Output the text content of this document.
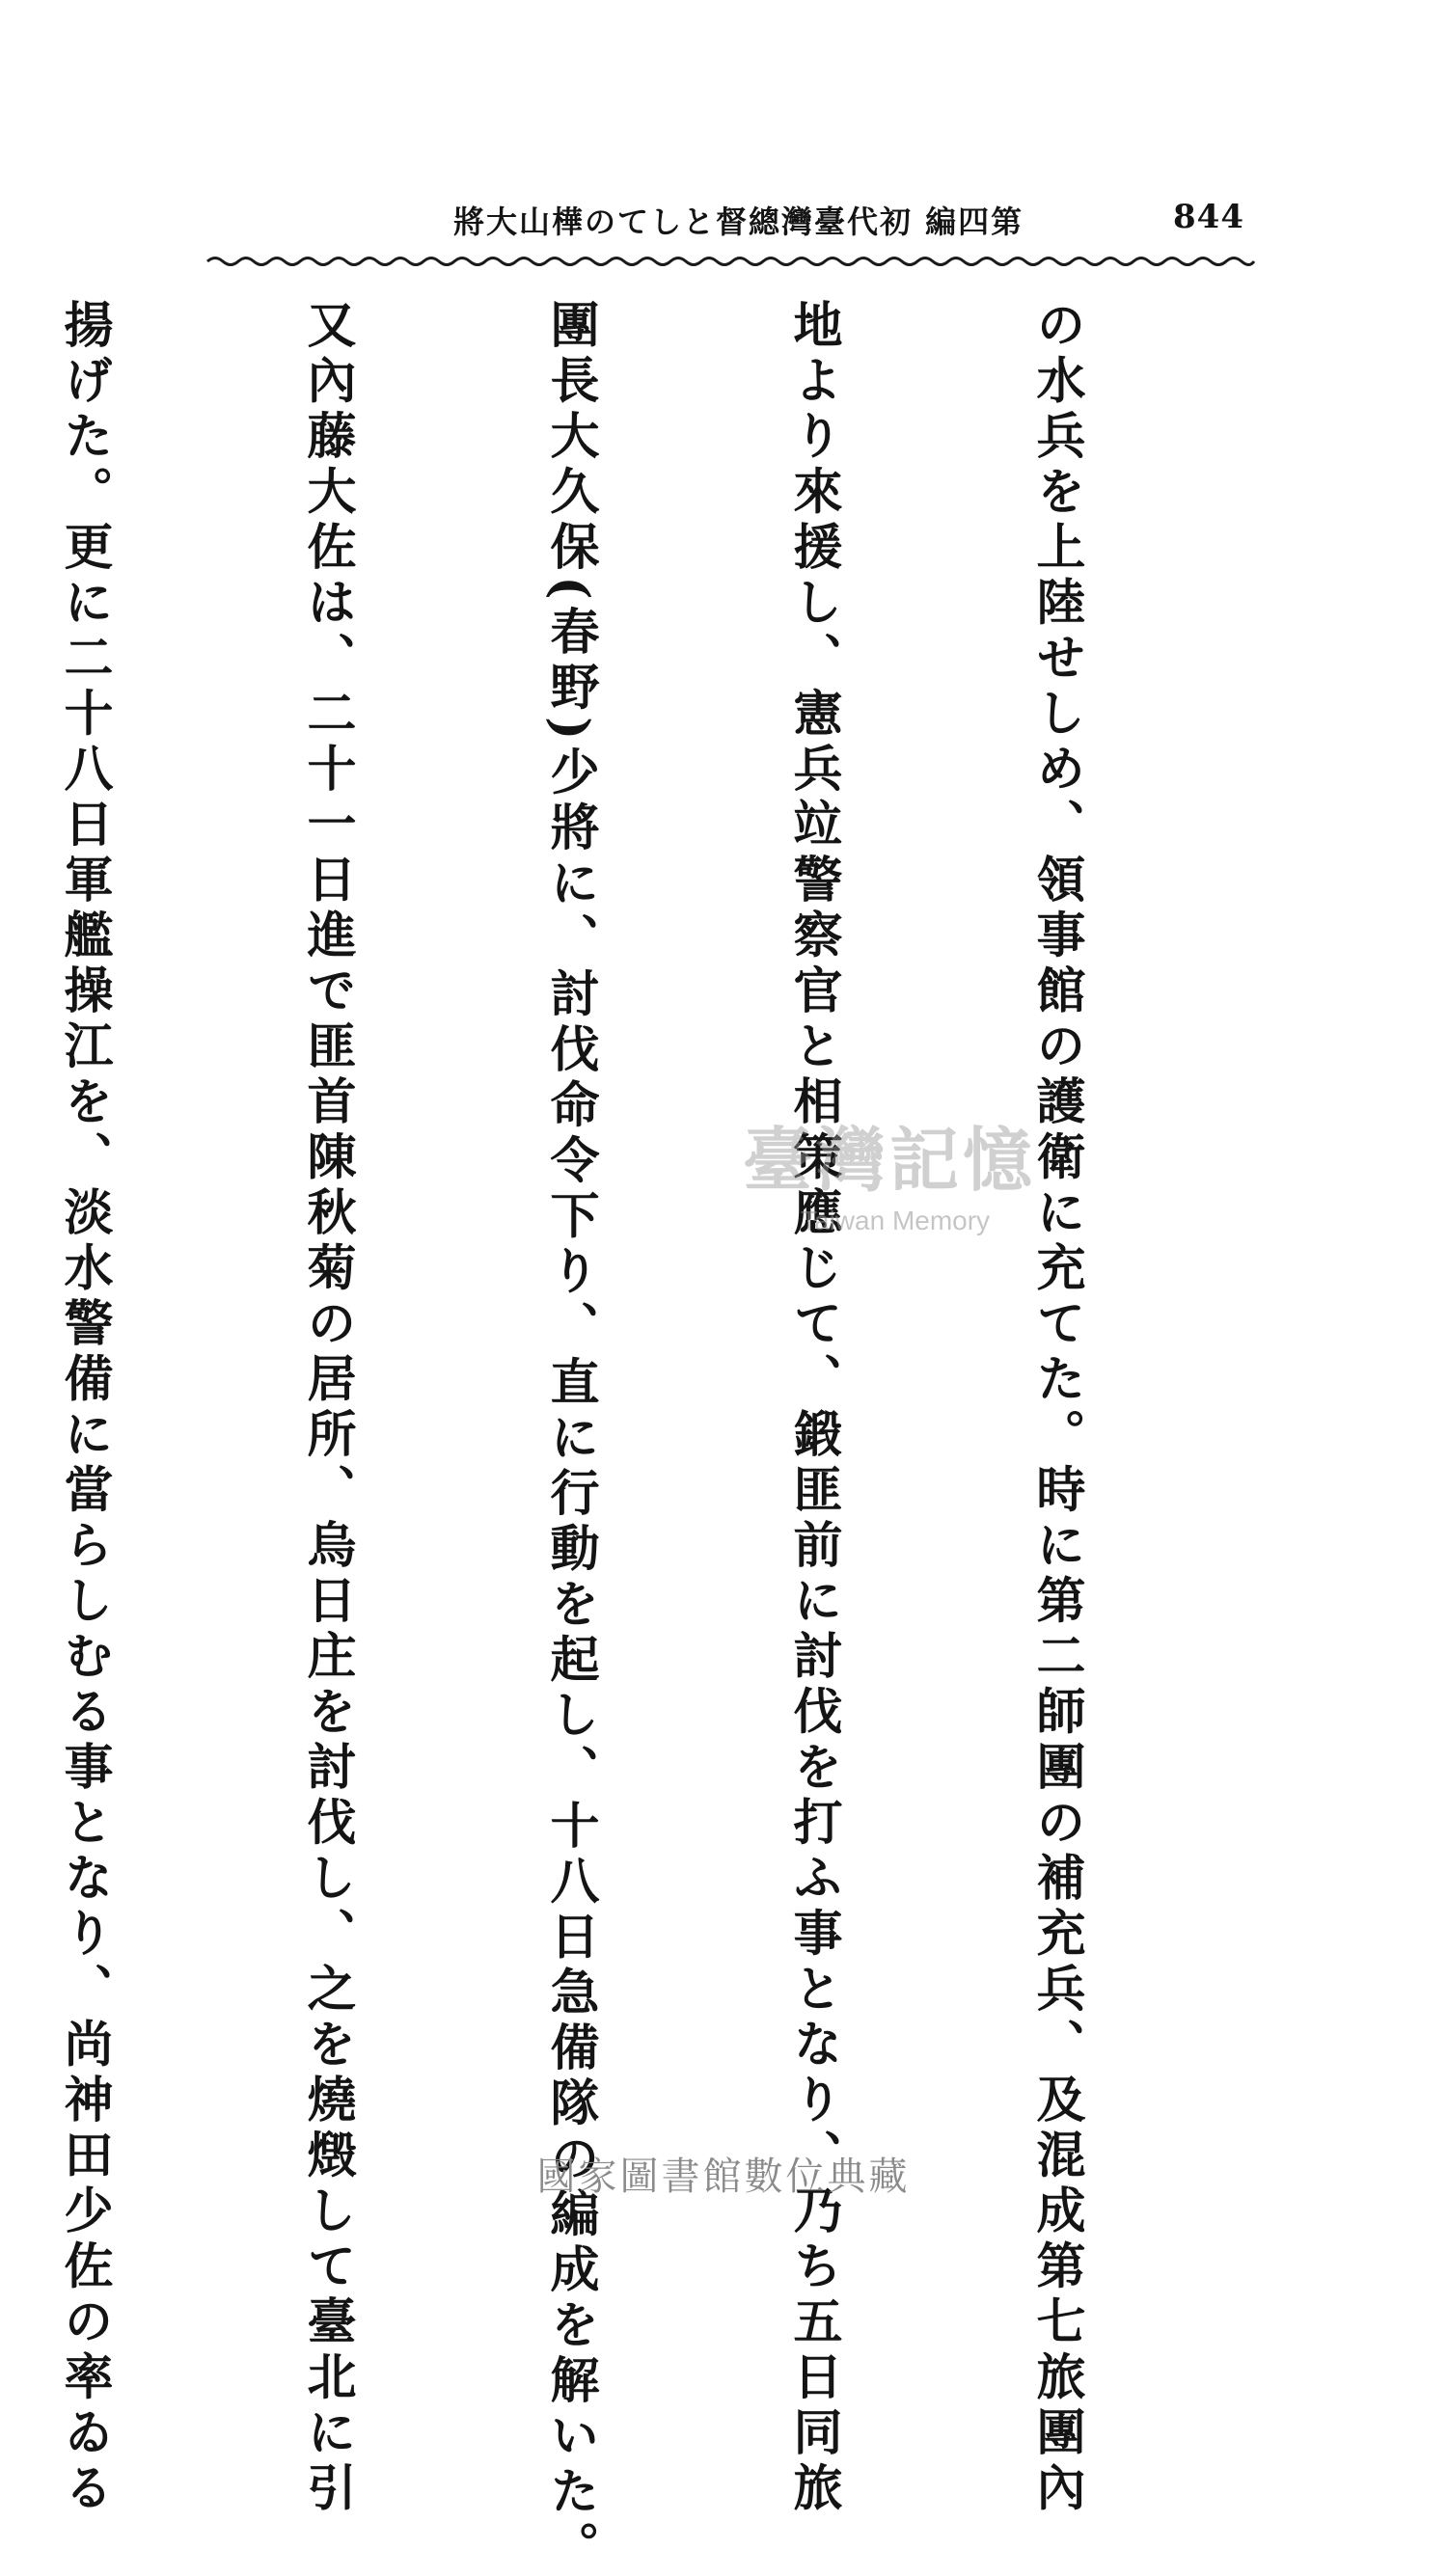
將大山樺のてしと督總灣臺代初 編四第	844

の水兵を上陸せしめ、領事館の護衛に充てた。時に第二師團の補充兵、及混成第七旅團內

地より來援し、憲兵竝警察官と相策應じて、鍛匪前に討伐を打ふ事となり、乃ち五日同旅

團長大久保(春野)少將に、討伐命令下り、直に行動を起し、十八日急備隊の編成を解いた。

又內藤大佐は、二十一日進で匪首陳秋菊の居所、烏日庄を討伐し、之を燒燬して臺北に引

揚げた。更に二十八日軍艦操江を、淡水警備に當らしむる事となり、尚神田少佐の率ゐる

	臺灣記憶
Taiwan Memory
國家圖書館數位典藏
